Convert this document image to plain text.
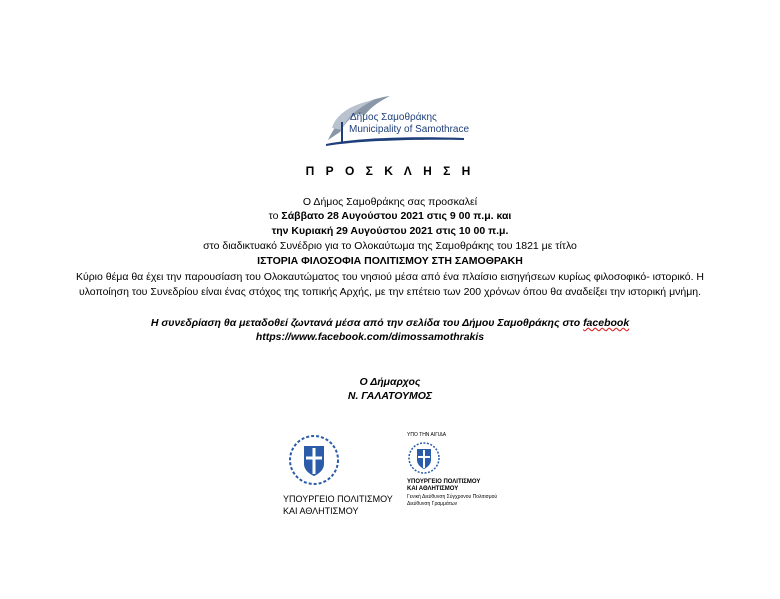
Δήμος Σαμοθράκης
Municipality of Samothrace
Π Ρ Ο Σ Κ Λ Η Σ Η
Ο Δήμος Σαμοθράκης σας προσκαλεί
το Σάββατο 28 Αυγούστου 2021 στις 9 00 π.μ. και
την Κυριακή 29 Αυγούστου 2021 στις 10 00 π.μ.
στο διαδικτυακό Συνέδριο για το Ολοκαύτωμα της Σαμοθράκης του 1821 με τίτλο
ΙΣΤΟΡΙΑ ΦΙΛΟΣΟΦΙΑ ΠΟΛΙΤΙΣΜΟΥ ΣΤΗ ΣΑΜΟΘΡΑΚΗ
Κύριο θέμα θα έχει την παρουσίαση του Ολοκαυτώματος του νησιού μέσα από ένα πλαίσιο εισηγήσεων κυρίως φιλοσοφικό- ιστορικό. Η υλοποίηση του Συνεδρίου είναι ένας στόχος της τοπικής Αρχής, με την επέτειο των 200 χρόνων όπου θα αναδείξει την ιστορική μνήμη.
Η συνεδρίαση θα μεταδοθεί ζωντανά μέσα από την σελίδα του Δήμου Σαμοθράκης στο facebook
https://www.facebook.com/dimossamothrakis
Ο Δήμαρχος
Ν. ΓΑΛΑΤΟΥΜΟΣ
ΥΠΟΥΡΓΕΙΟ ΠΟΛΙΤΙΣΜΟΥ
ΚΑΙ ΑΘΛΗΤΙΣΜΟΥ
ΥΠΟ ΤΗΝ ΑΙΓΙΔΑ
ΥΠΟΥΡΓΕΙΟ ΠΟΛΙΤΙΣΜΟΥ
ΚΑΙ ΑΘΛΗΤΙΣΜΟΥ
Γενική Διεύθυνση Σύγχρονου Πολιτισμού
Διεύθυνση Γραμμάτων
